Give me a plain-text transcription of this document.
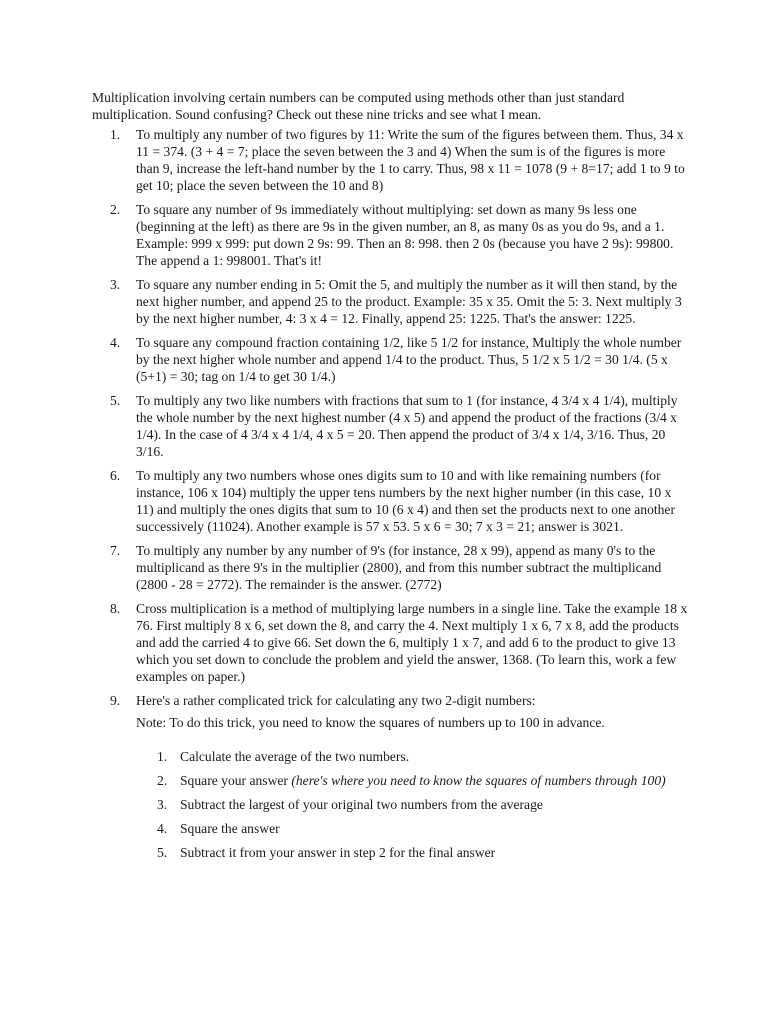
Multiplication involving certain numbers can be computed using methods other than just standard multiplication. Sound confusing? Check out these nine tricks and see what I mean.

1.	To multiply any number of two figures by 11: Write the sum of the figures between them. Thus, 34 x 11 = 374. (3 + 4 = 7; place the seven between the 3 and 4) When the sum is of the figures is more than 9, increase the left-hand number by the 1 to carry. Thus, 98 x 11 = 1078 (9 + 8=17; add 1 to 9 to get 10; place the seven between the 10 and 8)
2.	To square any number of 9s immediately without multiplying: set down as many 9s less one (beginning at the left) as there are 9s in the given number, an 8, as many 0s as you do 9s, and a 1. Example: 999 x 999: put down 2 9s: 99. Then an 8: 998. then 2 0s (because you have 2 9s): 99800. The append a 1: 998001. That's it!
3.	To square any number ending in 5: Omit the 5, and multiply the number as it will then stand, by the next higher number, and append 25 to the product. Example: 35 x 35. Omit the 5: 3. Next multiply 3 by the next higher number, 4: 3 x 4 = 12. Finally, append 25: 1225. That's the answer: 1225.
4.	To square any compound fraction containing 1/2, like 5 1/2 for instance, Multiply the whole number by the next higher whole number and append 1/4 to the product. Thus, 5 1/2 x 5 1/2 = 30 1/4. (5 x (5+1) = 30; tag on 1/4 to get 30 1/4.)
5.	To multiply any two like numbers with fractions that sum to 1 (for instance, 4 3/4 x 4 1/4), multiply the whole number by the next highest number (4 x 5) and append the product of the fractions (3/4 x 1/4). In the case of 4 3/4 x 4 1/4, 4 x 5 = 20. Then append the product of 3/4 x 1/4, 3/16. Thus, 20 3/16.
6.	To multiply any two numbers whose ones digits sum to 10 and with like remaining numbers (for instance, 106 x 104) multiply the upper tens numbers by the next higher number (in this case, 10 x 11) and multiply the ones digits that sum to 10 (6 x 4) and then set the products next to one another successively (11024). Another example is 57 x 53. 5 x 6 = 30; 7 x 3 = 21; answer is 3021.
7.	To multiply any number by any number of 9's (for instance, 28 x 99), append as many 0's to the multiplicand as there 9's in the multiplier (2800), and from this number subtract the multiplicand (2800 - 28 = 2772). The remainder is the answer. (2772)
8.	Cross multiplication is a method of multiplying large numbers in a single line. Take the example 18 x 76. First multiply 8 x 6, set down the 8, and carry the 4. Next multiply 1 x 6, 7 x 8, add the products and add the carried 4 to give 66. Set down the 6, multiply 1 x 7, and add 6 to the product to give 13 which you set down to conclude the problem and yield the answer, 1368. (To learn this, work a few examples on paper.)
9.	Here's a rather complicated trick for calculating any two 2-digit numbers:

Note: To do this trick, you need to know the squares of numbers up to 100 in advance.

1. Calculate the average of the two numbers.
2. Square your answer (here's where you need to know the squares of numbers through 100)
3. Subtract the largest of your original two numbers from the average
4. Square the answer
5. Subtract it from your answer in step 2 for the final answer
